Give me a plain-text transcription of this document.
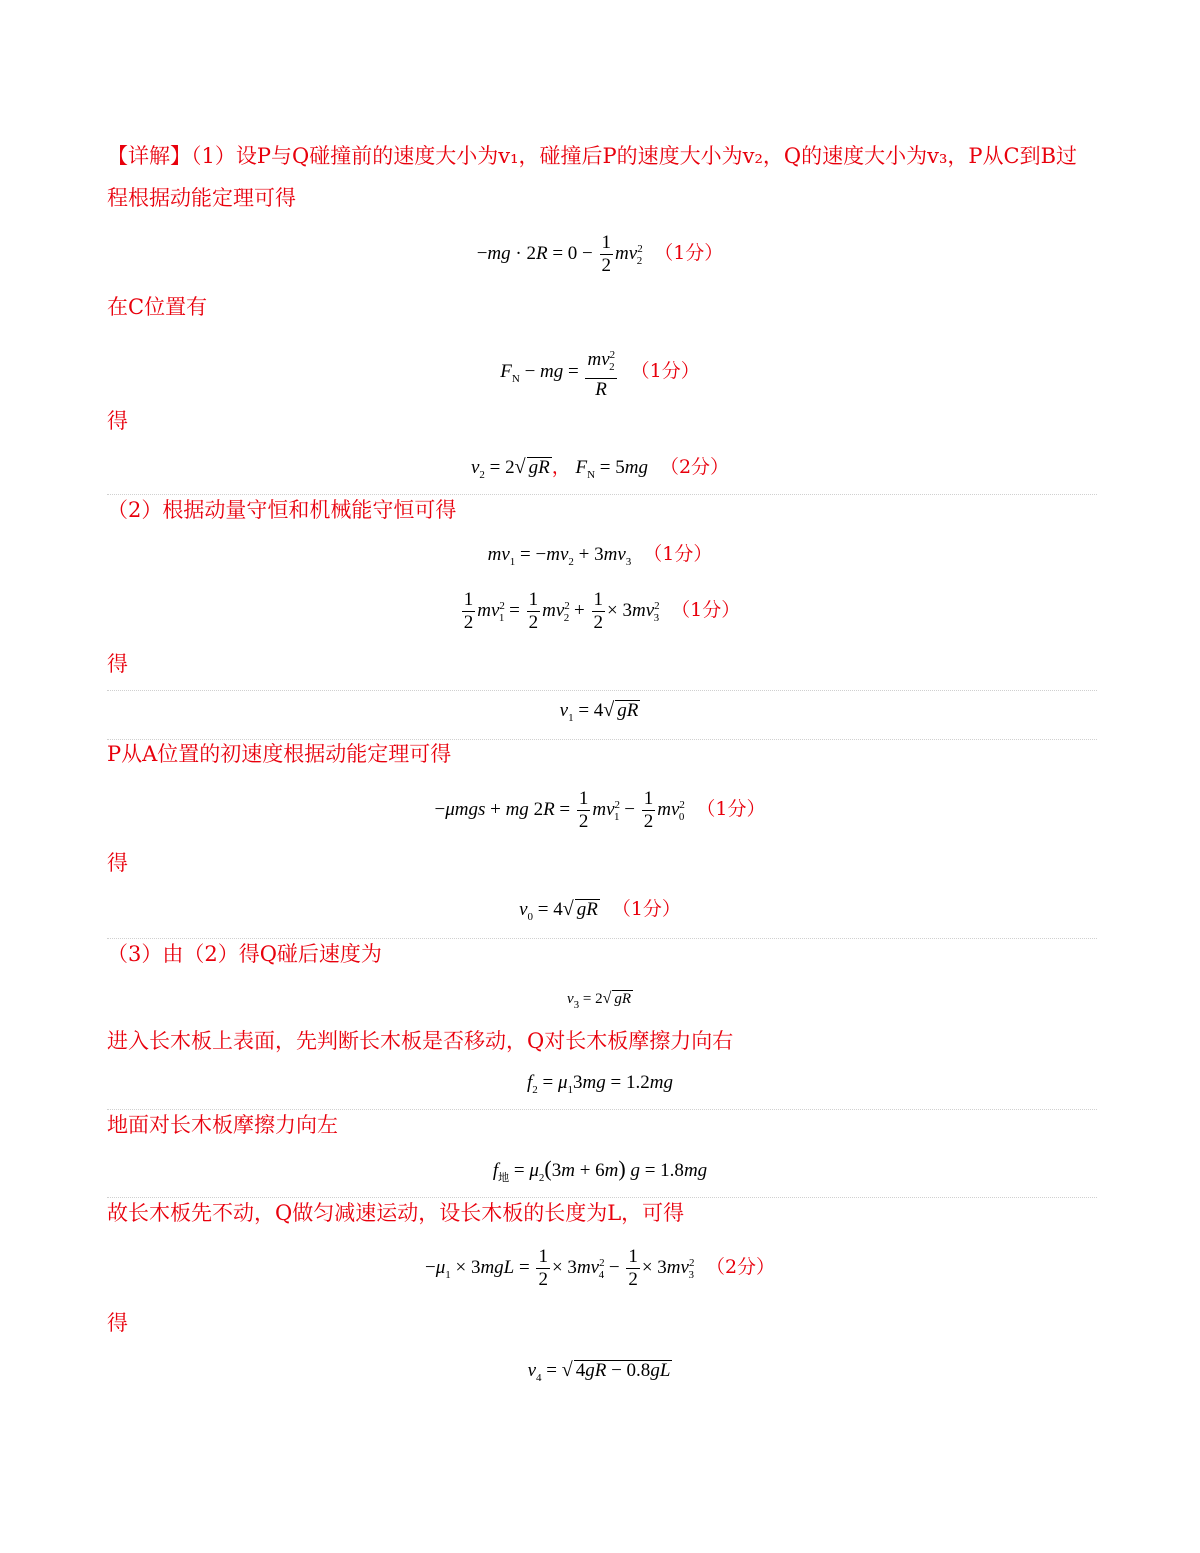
【详解】（1）设P与Q碰撞前的速度大小为v₁，碰撞后P的速度大小为v₂，Q的速度大小为v₃，P从C到B过
程根据动能定理可得
$-mg \cdot 2R = 0 - \frac{1}{2} mv^2_2$ （1分）
在C位置有
$F_N$ − mg = $\frac{mv^2_2}{R} (1$分）
得
$v_2 = 2√$ gR ， $F_N = 5mg$ （2分）
（2）根据动量守恒和机械能守恒可得
$mv_1 = -mv_2 + 3mv_3$ （1分）
$\frac{1}{2} mv^2_1 = \frac{1}{2} mv^2_2 + \frac{1}{2} \times 3mv^2_3$ （1分）
得
$v_1 = 4√$ gR
P从A位置的初速度根据动能定理可得
−μmgs + mg $2R = \frac{1}{2} mv^2_1 - \frac{1}{2} mv^2_0$ （1分）
得
$v_0 = 4√$ gR （1分）
（3）由（2）得Q碰后速度为
$v_3 = 2√$ gR
进入长木板上表面，先判断长木板是否移动，Q对长木板摩擦力向右
$f_2 = \mu_13mg = 1.2mg$
地面对长木板摩擦力向左
$f_地 = \mu_2(3m + 6m) g = 1.8mg$
故长木板先不动，Q做匀减速运动，设长木板的长度为L，可得
$-\mu_1 \times 3mgL = \frac{1}{2} \times 3mv^2_4 - \frac{1}{2} \times 3mv^2_3$ （2分）
得
$v_4$ = √ 4gR − 0.8gL
